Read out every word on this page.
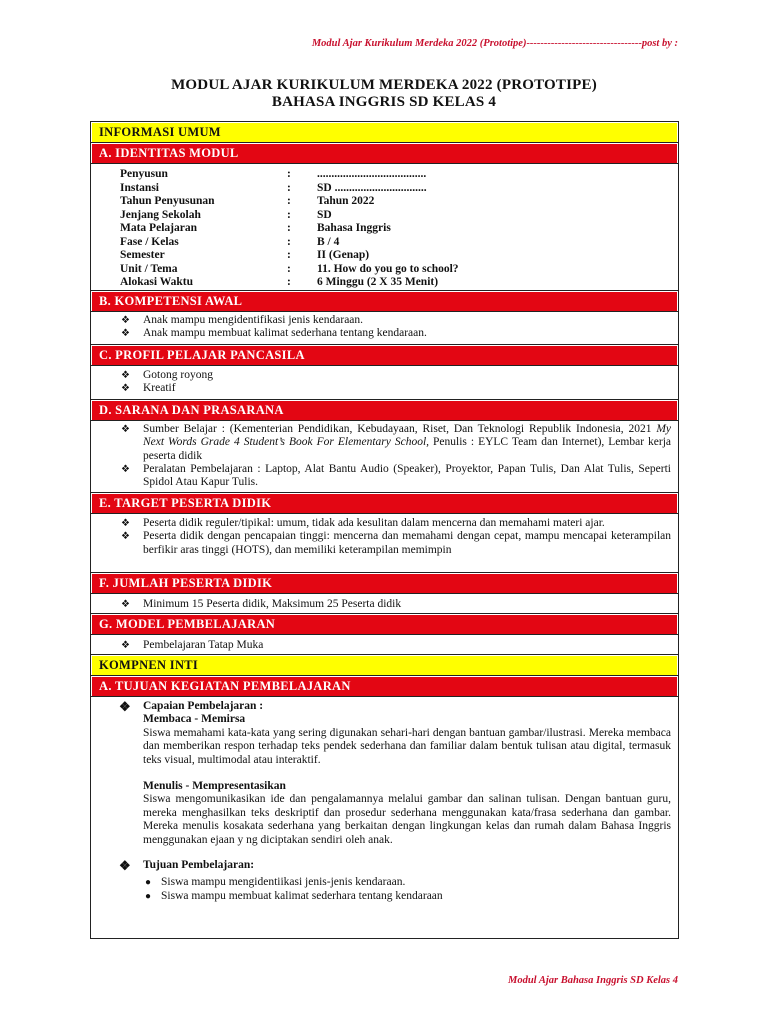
Modul Ajar Kurikulum Merdeka 2022 (Prototipe)---------------------------------post by :
MODUL AJAR KURIKULUM MERDEKA 2022 (PROTOTIPE)
BAHASA INGGRIS SD KELAS 4
INFORMASI UMUM
A. IDENTITAS MODUL
Penyusun	:	......................................
Instansi	:	SD ................................
Tahun Penyusunan	:	Tahun 2022
Jenjang Sekolah	:	SD
Mata Pelajaran	:	Bahasa Inggris
Fase / Kelas	:	B / 4
Semester	:	II (Genap)
Unit / Tema	:	11. How do you go to school?
Alokasi Waktu	:	6 Minggu (2 X 35 Menit)
B. KOMPETENSI AWAL
❖ Anak mampu mengidentifikasi jenis kendaraan.
❖ Anak mampu membuat kalimat sederhana tentang kendaraan.
C. PROFIL PELAJAR PANCASILA
❖ Gotong royong
❖ Kreatif
D. SARANA DAN PRASARANA
❖ Sumber Belajar : (Kementerian Pendidikan, Kebudayaan, Riset, Dan Teknologi Republik Indonesia, 2021 My Next Words Grade 4 Student’s Book For Elementary School, Penulis : EYLC Team dan Internet), Lembar kerja peserta didik
❖ Peralatan Pembelajaran : Laptop, Alat Bantu Audio (Speaker), Proyektor, Papan Tulis, Dan Alat Tulis, Seperti Spidol Atau Kapur Tulis.
E. TARGET PESERTA DIDIK
❖ Peserta didik reguler/tipikal: umum, tidak ada kesulitan dalam mencerna dan memahami materi ajar.
❖ Peserta didik dengan pencapaian tinggi: mencerna dan memahami dengan cepat, mampu mencapai keterampilan berfikir aras tinggi (HOTS), dan memiliki keterampilan memimpin
F. JUMLAH PESERTA DIDIK
❖ Minimum 15 Peserta didik, Maksimum 25 Peserta didik
G. MODEL PEMBELAJARAN
❖ Pembelajaran Tatap Muka
KOMPNEN INTI
A. TUJUAN KEGIATAN PEMBELAJARAN
❖	Capaian Pembelajaran :
Membaca - Memirsa
Siswa memahami kata-kata yang sering digunakan sehari-hari dengan bantuan gambar/ilustrasi. Mereka membaca dan memberikan respon terhadap teks pendek sederhana dan familiar dalam bentuk tulisan atau digital, termasuk teks visual, multimodal atau interaktif.
Menulis - Mempresentasikan
Siswa mengomunikasikan ide dan pengalamannya melalui gambar dan salinan tulisan. Dengan bantuan guru, mereka menghasilkan teks deskriptif dan prosedur sederhana menggunakan kata/frasa sederhana dan gambar. Mereka menulis kosakata sederhana yang berkaitan dengan lingkungan kelas dan rumah dalam Bahasa Inggris menggunakan ejaan y ng diciptakan sendiri oleh anak.
❖	Tujuan Pembelajaran:
● Siswa mampu mengidentiikasi jenis-jenis kendaraan.
● Siswa mampu membuat kalimat sederhara tentang kendaraan
Modul Ajar Bahasa Inggris SD Kelas 4
